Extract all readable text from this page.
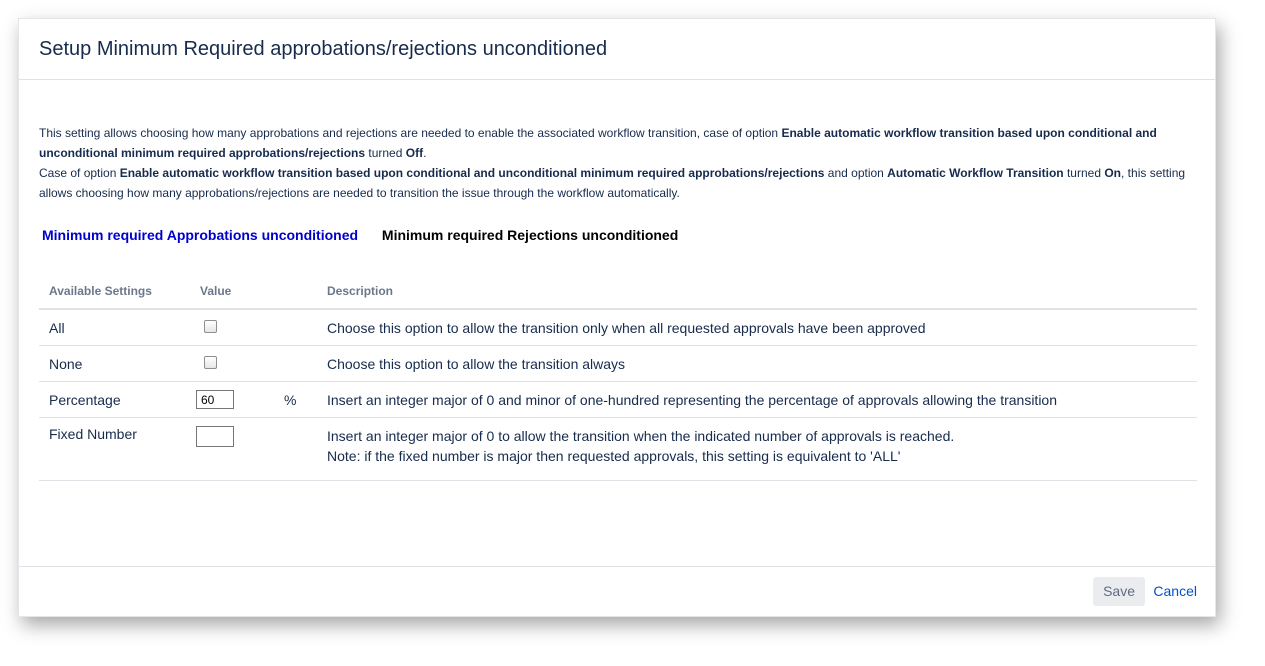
Setup Minimum Required approbations/rejections unconditioned
This setting allows choosing how many approbations and rejections are needed to enable the associated workflow transition, case of option Enable automatic workflow transition based upon conditional and unconditional minimum required approbations/rejections turned Off.
Case of option Enable automatic workflow transition based upon conditional and unconditional minimum required approbations/rejections and option Automatic Workflow Transition turned On, this setting allows choosing how many approbations/rejections are needed to transition the issue through the workflow automatically.
Minimum required Approbations unconditioned Minimum required Rejections unconditioned
Available Settings	Value		Description
All			Choose this option to allow the transition only when all requested approvals have been approved
None			Choose this option to allow the transition always
Percentage	60	%	Insert an integer major of 0 and minor of one-hundred representing the percentage of approvals allowing the transition
Fixed Number			Insert an integer major of 0 to allow the transition when the indicated number of approvals is reached.
Note: if the fixed number is major then requested approvals, this setting is equivalent to 'ALL'
Save	Cancel
